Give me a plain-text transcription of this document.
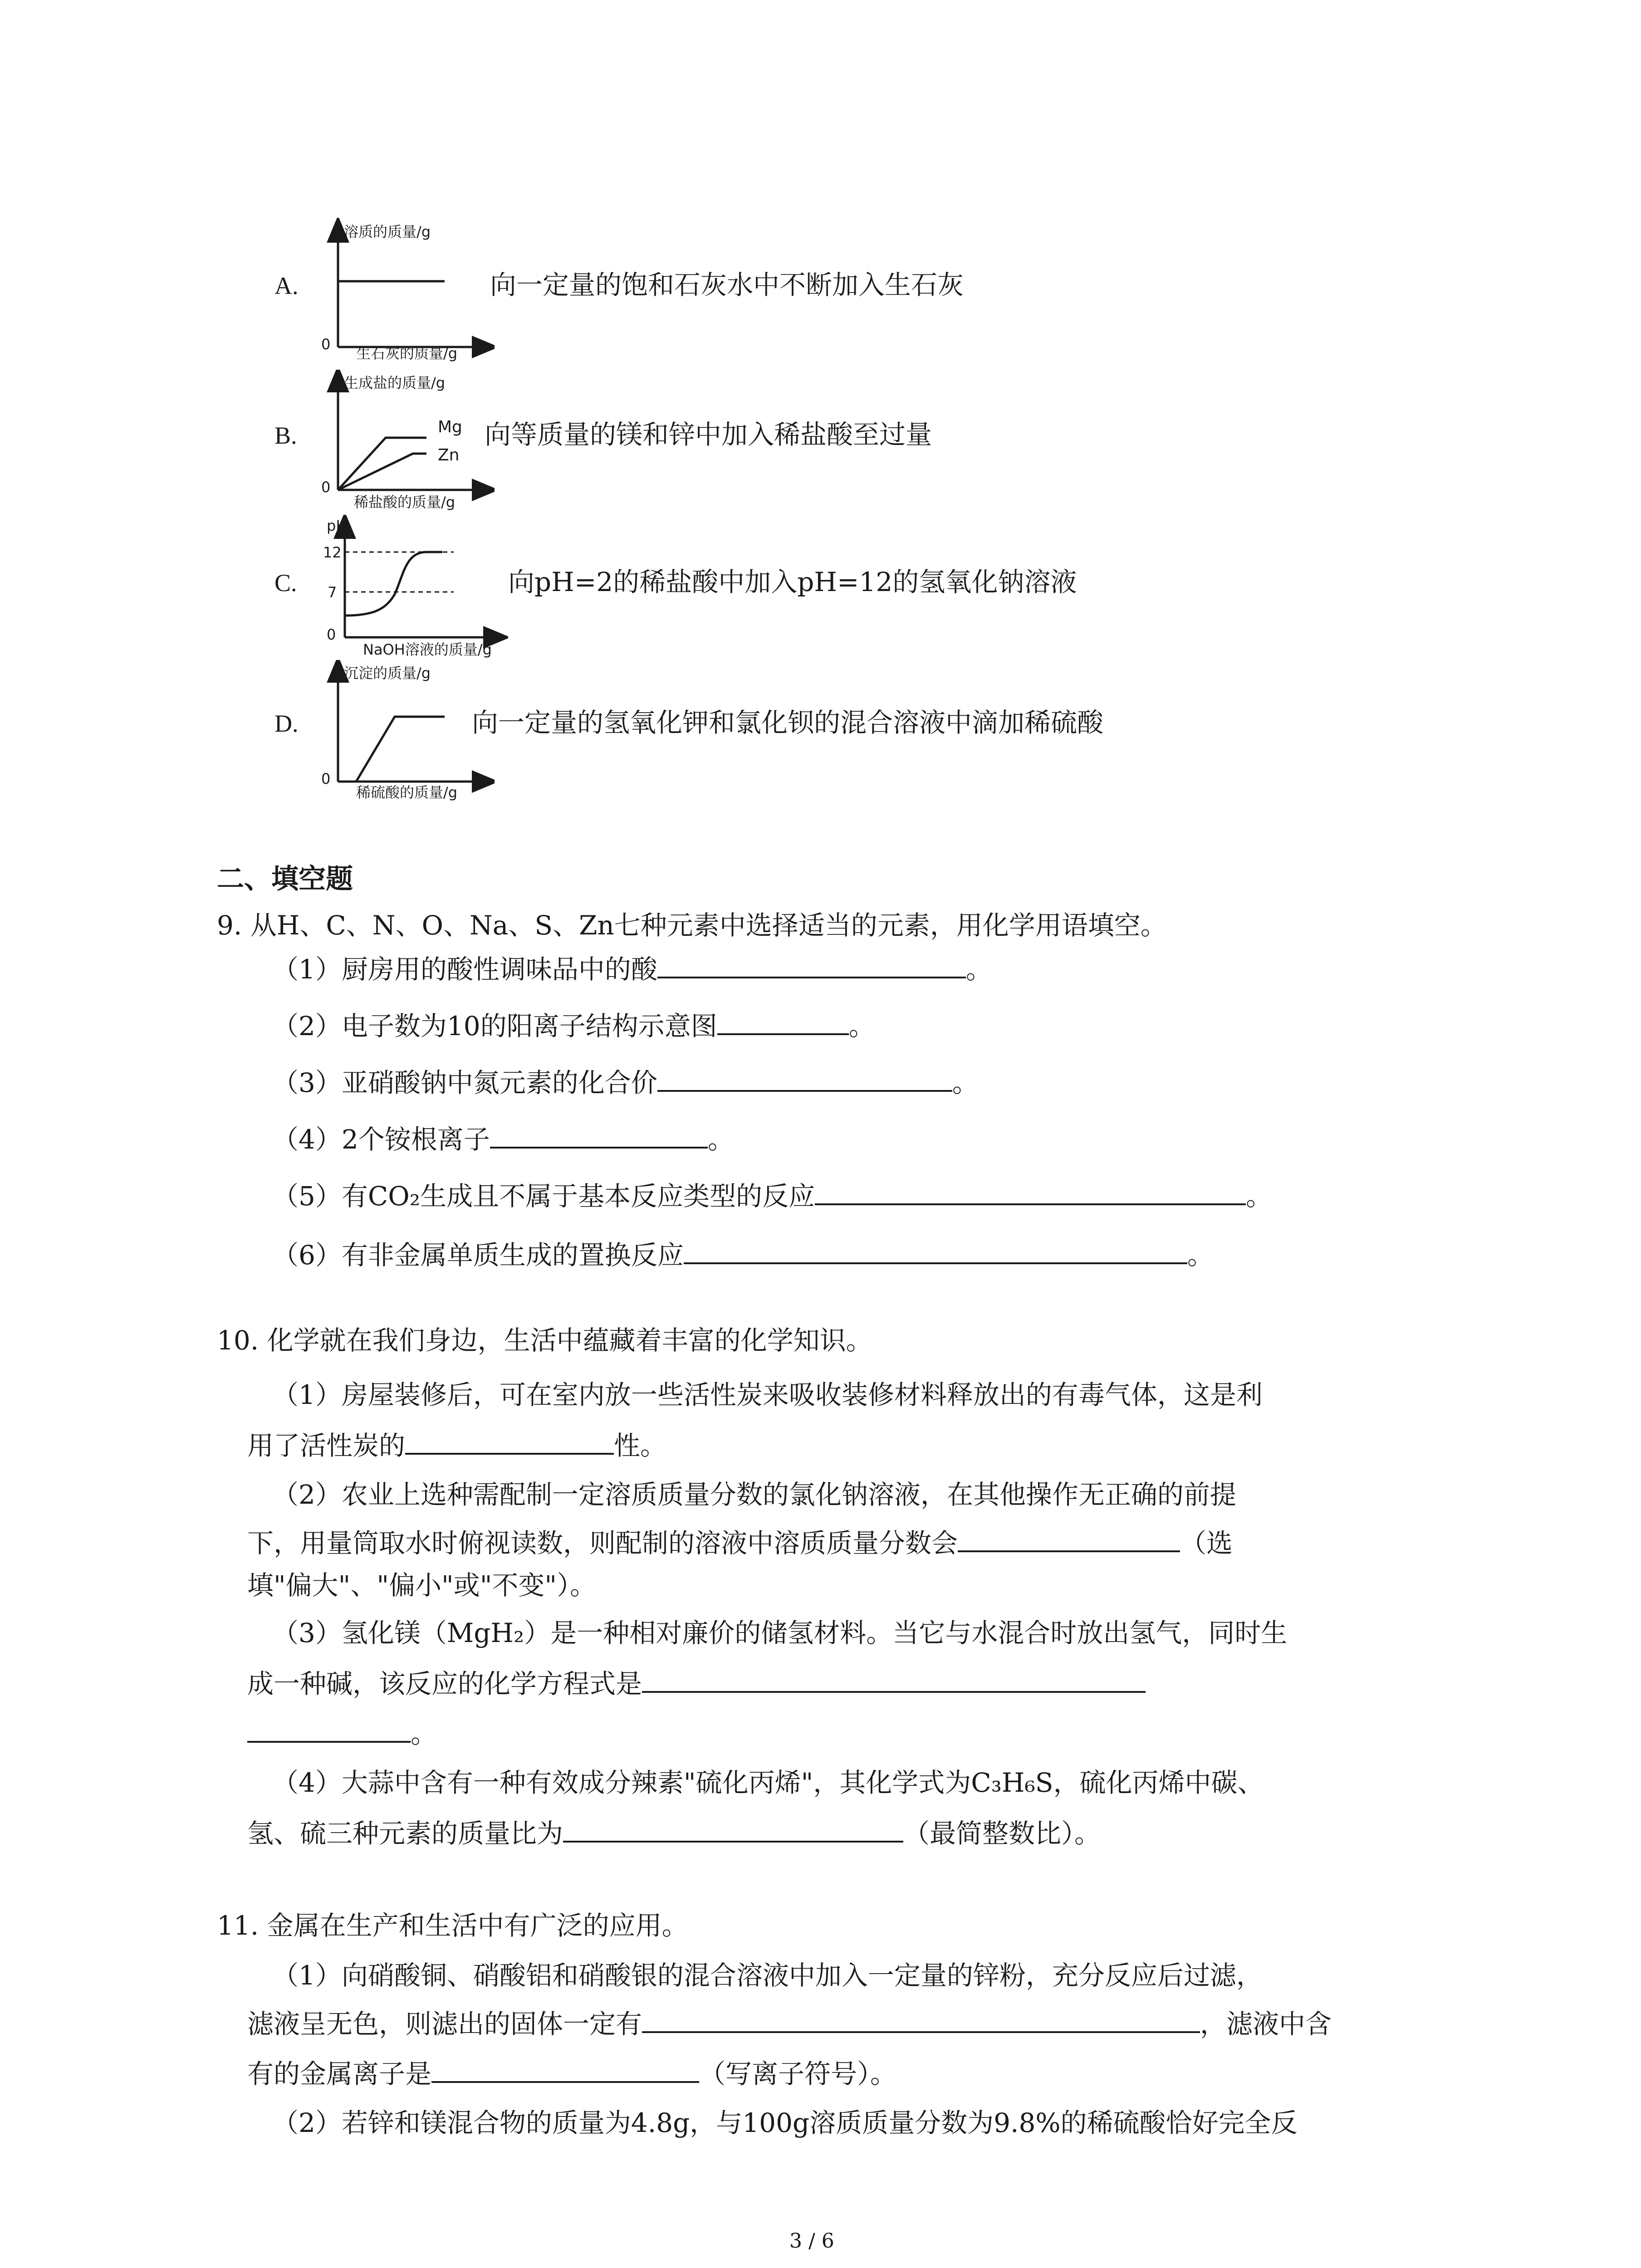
A.
溶质的质量/g
0
生石灰的质量/g
向一定量的饱和石灰水中不断加入生石灰
B.
生成盐的质量/g
Mg
Zn
0
稀盐酸的质量/g
向等质量的镁和锌中加入稀盐酸至过量
C.
pH
12
7
0
NaOH溶液的质量/g
向pH=2的稀盐酸中加入pH=12的氢氧化钠溶液
D.
沉淀的质量/g
0
稀硫酸的质量/g
向一定量的氢氧化钾和氯化钡的混合溶液中滴加稀硫酸
二、填空题
9. 从H、C、N、O、Na、S、Zn七种元素中选择适当的元素，用化学用语填空。
（1）厨房用的酸性调味品中的酸	。
（2）电子数为10的阳离子结构示意图	。
（3）亚硝酸钠中氮元素的化合价	。
（4）2个铵根离子	。
（5）有CO₂生成且不属于基本反应类型的反应	。
（6）有非金属单质生成的置换反应	。
10. 化学就在我们身边，生活中蕴藏着丰富的化学知识。
（1）房屋装修后，可在室内放一些活性炭来吸收装修材料释放出的有毒气体，这是利
用了活性炭的	性。
（2）农业上选种需配制一定溶质质量分数的氯化钠溶液，在其他操作无正确的前提
下，用量筒取水时俯视读数，则配制的溶液中溶质质量分数会	（选
填"偏大"、"偏小"或"不变"）。
（3）氢化镁（MgH₂）是一种相对廉价的储氢材料。当它与水混合时放出氢气，同时生
成一种碱，该反应的化学方程式是
。
（4）大蒜中含有一种有效成分辣素"硫化丙烯"，其化学式为C₃H₆S，硫化丙烯中碳、
氢、硫三种元素的质量比为	（最简整数比）。
11. 金属在生产和生活中有广泛的应用。
（1）向硝酸铜、硝酸铝和硝酸银的混合溶液中加入一定量的锌粉，充分反应后过滤，
滤液呈无色，则滤出的固体一定有	，滤液中含
有的金属离子是	（写离子符号）。
（2）若锌和镁混合物的质量为4.8g，与100g溶质质量分数为9.8%的稀硫酸恰好完全反
3 / 6
